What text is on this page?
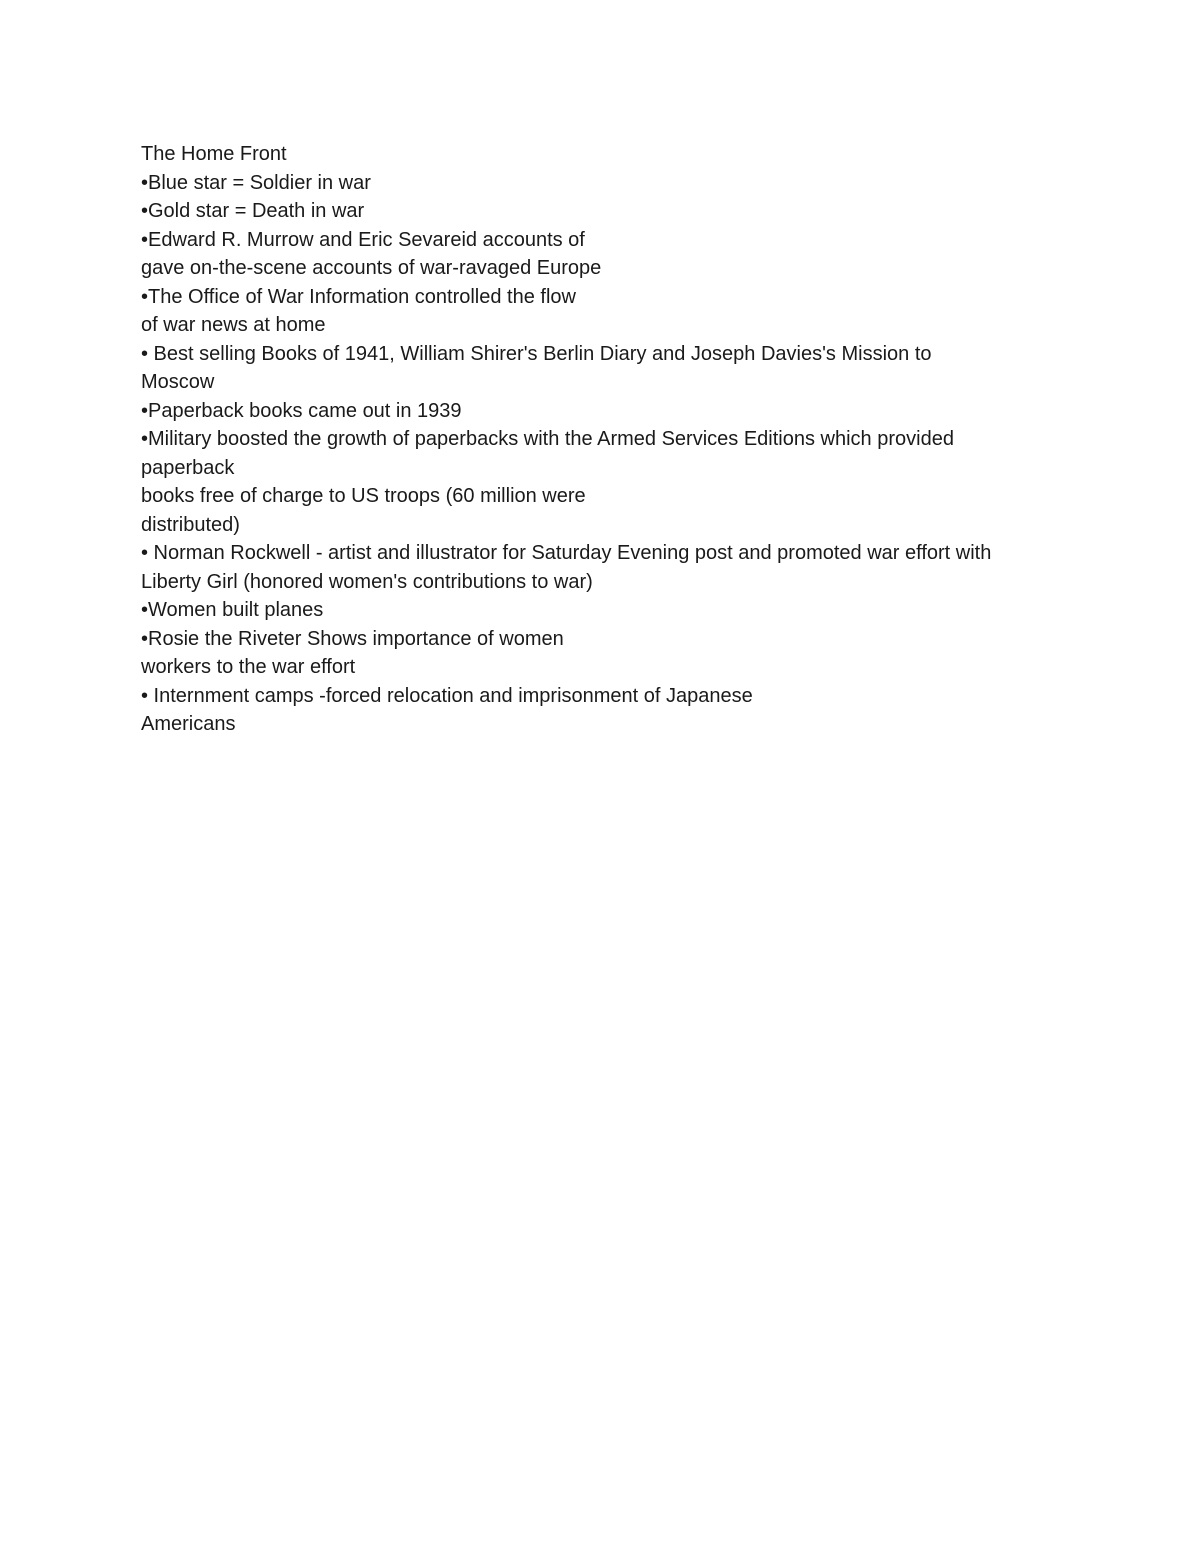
The Home Front
•Blue star = Soldier in war
•Gold star = Death in war
•Edward R. Murrow and Eric Sevareid accounts of
gave on-the-scene accounts of war-ravaged Europe
•The Office of War Information controlled the flow
of war news at home
• Best selling Books of 1941, William Shirer's Berlin Diary and Joseph Davies's Mission to
Moscow
•Paperback books came out in 1939
•Military boosted the growth of paperbacks with the Armed Services Editions which provided
paperback
books free of charge to US troops (60 million were
distributed)
• Norman Rockwell - artist and illustrator for Saturday Evening post and promoted war effort with
Liberty Girl (honored women's contributions to war)
•Women built planes
•Rosie the Riveter Shows importance of women
workers to the war effort
• Internment camps -forced relocation and imprisonment of Japanese
Americans
